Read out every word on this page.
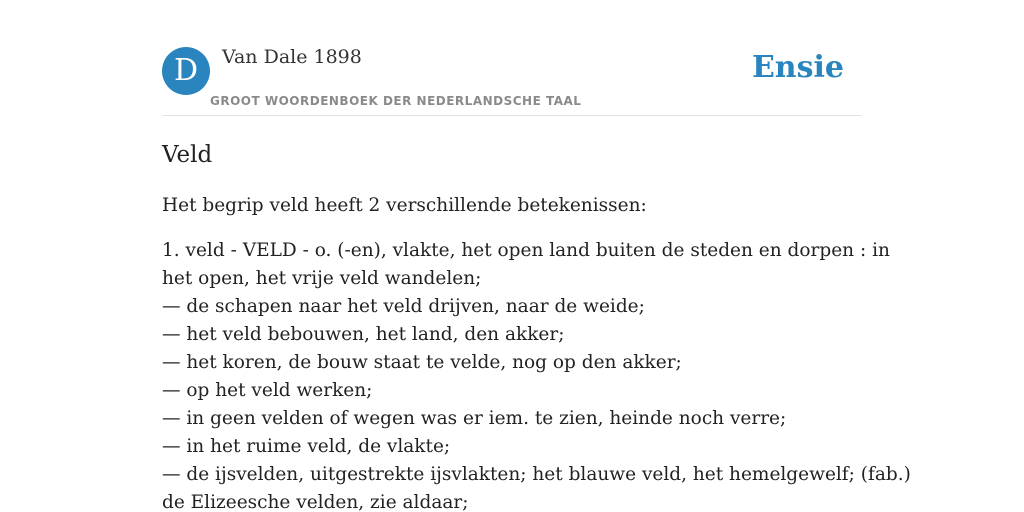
D	Van Dale 1898
GROOT WOORDENBOEK DER NEDERLANDSCHE TAAL
Ensie
Veld

Het begrip veld heeft 2 verschillende betekenissen:

1. veld - VELD - o. (-en), vlakte, het open land buiten de steden en dorpen : in
het open, het vrije veld wandelen;
— de schapen naar het veld drijven, naar de weide;
— het veld bebouwen, het land, den akker;
— het koren, de bouw staat te velde, nog op den akker;
— op het veld werken;
— in geen velden of wegen was er iem. te zien, heinde noch verre;
— in het ruime veld, de vlakte;
— de ijsvelden, uitgestrekte ijsvlakten; het blauwe veld, het hemelgewelf; (fab.)
de Elizeesche velden, zie aldaar;
